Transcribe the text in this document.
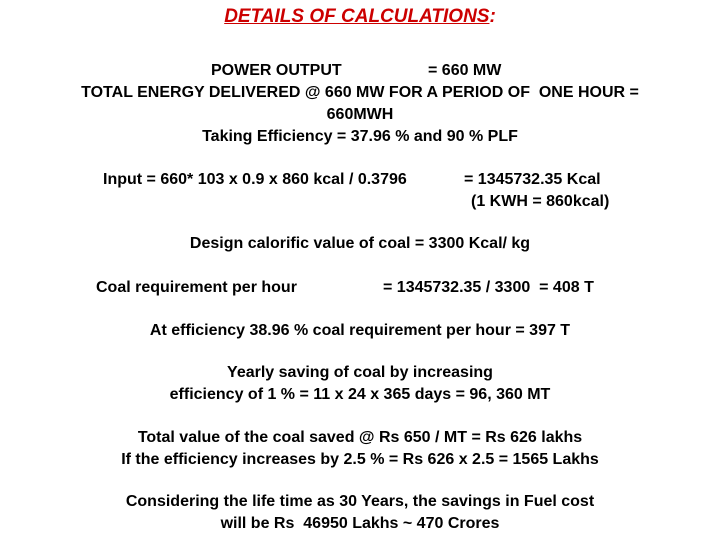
DETAILS OF CALCULATIONS:
POWER OUTPUT	= 660 MW
TOTAL ENERGY DELIVERED @ 660 MW FOR A PERIOD OF  ONE HOUR =
660MWH
Taking Efficiency = 37.96 % and 90 % PLF
Input = 660* 103 x 0.9 x 860 kcal / 0.3796	= 1345732.35 Kcal
(1 KWH = 860kcal)
Design calorific value of coal = 3300 Kcal/ kg
Coal requirement per hour	= 1345732.35 / 3300  = 408 T
At efficiency 38.96 % coal requirement per hour = 397 T
Yearly saving of coal by increasing
efficiency of 1 % = 11 x 24 x 365 days = 96, 360 MT
Total value of the coal saved @ Rs 650 / MT = Rs 626 lakhs
If the efficiency increases by 2.5 % = Rs 626 x 2.5 = 1565 Lakhs
Considering the life time as 30 Years, the savings in Fuel cost
will be Rs  46950 Lakhs ~ 470 Crores
